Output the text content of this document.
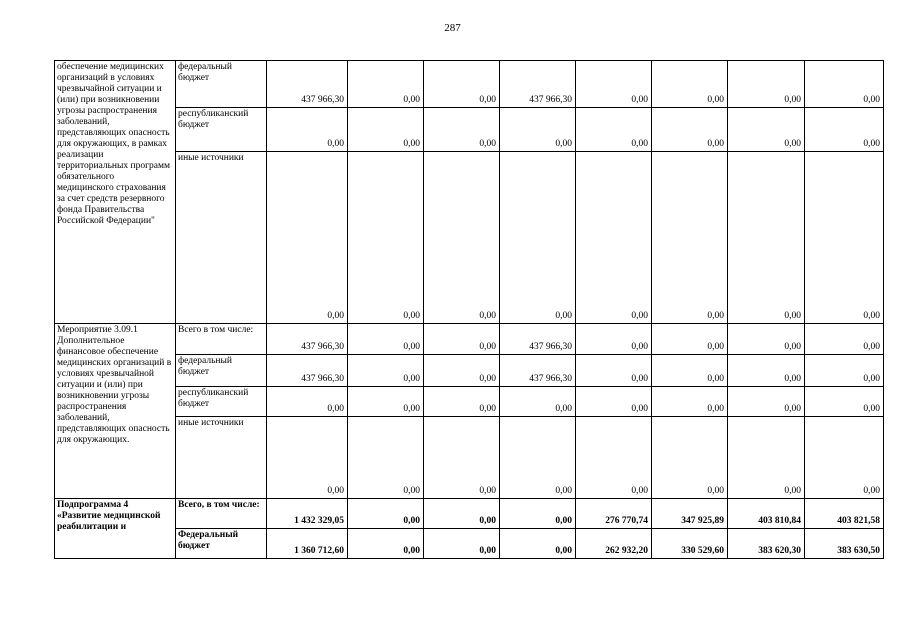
287
обеспечение медицинских организаций в условиях чрезвычайной ситуации и (или) при возникновении угрозы распространения заболеваний, представляющих опасность для окружающих, в рамках реализации территориальных программ обязательного медицинского страхования за счет средств резервного фонда Правительства Российской Федерации"	федеральный бюджет	437 966,30	0,00	0,00	437 966,30	0,00	0,00	0,00	0,00
	республиканский бюджет	0,00	0,00	0,00	0,00	0,00	0,00	0,00	0,00
	иные источники	0,00	0,00	0,00	0,00	0,00	0,00	0,00	0,00
Мероприятие 3.09.1 Дополнительное финансовое обеспечение медицинских организаций в условиях чрезвычайной ситуации и (или) при возникновении угрозы распространения заболеваний, представляющих опасность для окружающих.	Всего в том числе:	437 966,30	0,00	0,00	437 966,30	0,00	0,00	0,00	0,00
	федеральный бюджет	437 966,30	0,00	0,00	437 966,30	0,00	0,00	0,00	0,00
	республиканский бюджет	0,00	0,00	0,00	0,00	0,00	0,00	0,00	0,00
	иные источники	0,00	0,00	0,00	0,00	0,00	0,00	0,00	0,00
Подпрограмма 4 «Развитие медицинской реабилитации и	Всего, в том числе:	1 432 329,05	0,00	0,00	0,00	276 770,74	347 925,89	403 810,84	403 821,58
	Федеральный бюджет	1 360 712,60	0,00	0,00	0,00	262 932,20	330 529,60	383 620,30	383 630,50
